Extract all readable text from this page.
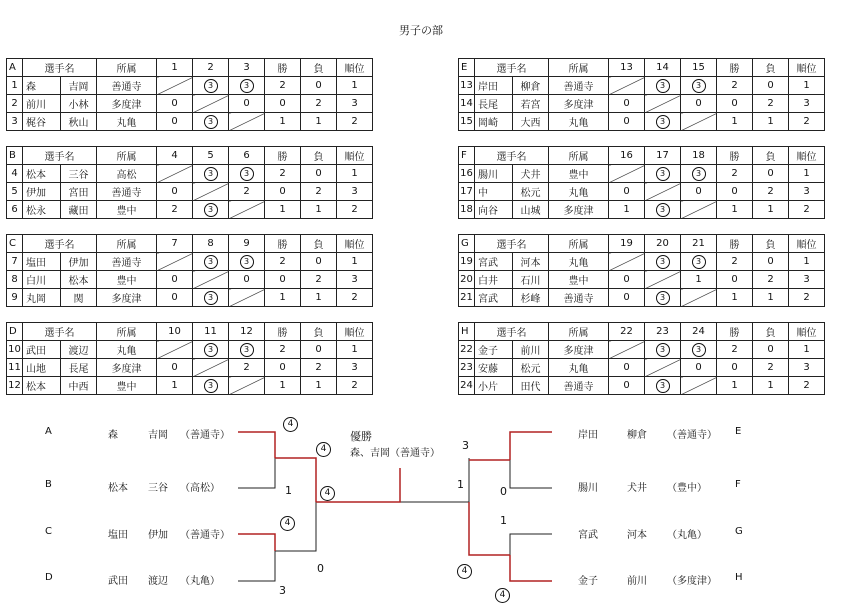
男子の部
A	選手名		所属	1	2	3	勝	負	順位
1	森	吉岡	善通寺		3	3	2	0	1
2	前川	小林	多度津	0		0	0	2	3
3	梶谷	秋山	丸亀	0	3		1	1	2
B	選手名		所属	4	5	6	勝	負	順位
4	松本	三谷	高松		3	3	2	0	1
5	伊加	宮田	善通寺	0		2	0	2	3
6	松永	藏田	豊中	2	3		1	1	2
C	選手名		所属	7	8	9	勝	負	順位
7	塩田	伊加	善通寺		3	3	2	0	1
8	白川	松本	豊中	0		0	0	2	3
9	丸岡	関	多度津	0	3		1	1	2
D	選手名		所属	10	11	12	勝	負	順位
10	武田	渡辺	丸亀		3	3	2	0	1
11	山地	長尾	多度津	0		2	0	2	3
12	松本	中西	豊中	1	3		1	1	2
E	選手名		所属	13	14	15	勝	負	順位
13	岸田	柳倉	善通寺		3	3	2	0	1
14	長尾	若宮	多度津	0		0	0	2	3
15	岡崎	大西	丸亀	0	3		1	1	2
F	選手名		所属	16	17	18	勝	負	順位
16	腸川	犬井	豊中		3	3	2	0	1
17	中	松元	丸亀	0		0	0	2	3
18	向谷	山城	多度津	1	3		1	1	2
G	選手名		所属	19	20	21	勝	負	順位
19	宮武	河本	丸亀		3	3	2	0	1
20	白井	石川	豊中	0		1	0	2	3
21	宮武	杉峰	善通寺	0	3		1	1	2
H	選手名		所属	22	23	24	勝	負	順位
22	金子	前川	多度津		3	3	2	0	1
23	安藤	松元	丸亀	0		0	0	2	3
24	小片	田代	善通寺	0	3		1	1	2
優勝
森、吉岡（善通寺）
4
4
1	4
4
0
3
3
1
0
1
4
4
A	森	吉岡 （善通寺）
B	松本 三谷 （高松）
C	塩田 伊加 （善通寺）
D	武田 渡辺 （丸亀）
岸田	柳倉 （善通寺） E
腸川	犬井 （豊中）	F
宮武	河本 （丸亀）	G
金子	前川 （多度津） H
